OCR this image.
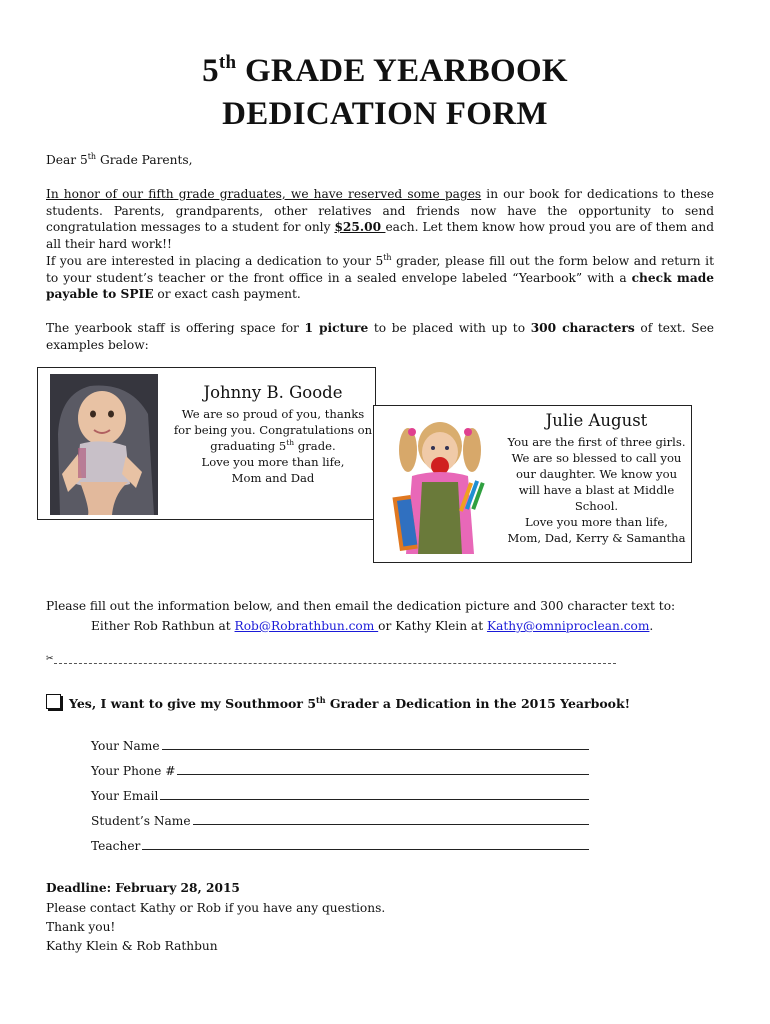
5th GRADE YEARBOOK
DEDICATION FORM
Dear 5th Grade Parents,
In honor of our fifth grade graduates, we have reserved some pages in our book for dedications to these students. Parents, grandparents, other relatives and friends now have the opportunity to send congratulation messages to a student for only $25.00 each. Let them know how proud you are of them and all their hard work!!
If you are interested in placing a dedication to your 5th grader, please fill out the form below and return it to your student’s teacher or the front office in a sealed envelope labeled “Yearbook” with a check made payable to SPIE or exact cash payment.
The yearbook staff is offering space for 1 picture to be placed with up to 300 characters of text. See examples below:
Johnny B. Goode
We are so proud of you, thanks
for being you. Congratulations on
graduating 5th grade.
Love you more than life,
Mom and Dad
Julie August
You are the first of three girls.
We are so blessed to call you
our daughter. We know you
will have a blast at Middle
School.
Love you more than life,
Mom, Dad, Kerry & Samantha
Please fill out the information below, and then email the dedication picture and 300 character text to:
Either Rob Rathbun at Rob@Robrathbun.com or Kathy Klein at Kathy@omniproclean.com.
✂
Yes, I want to give my Southmoor 5th Grader a Dedication in the 2015 Yearbook!
Your Name
Your Phone #
Your Email
Student’s Name
Teacher
Deadline: February 28, 2015
Please contact Kathy or Rob if you have any questions.
Thank you!
Kathy Klein & Rob Rathbun
